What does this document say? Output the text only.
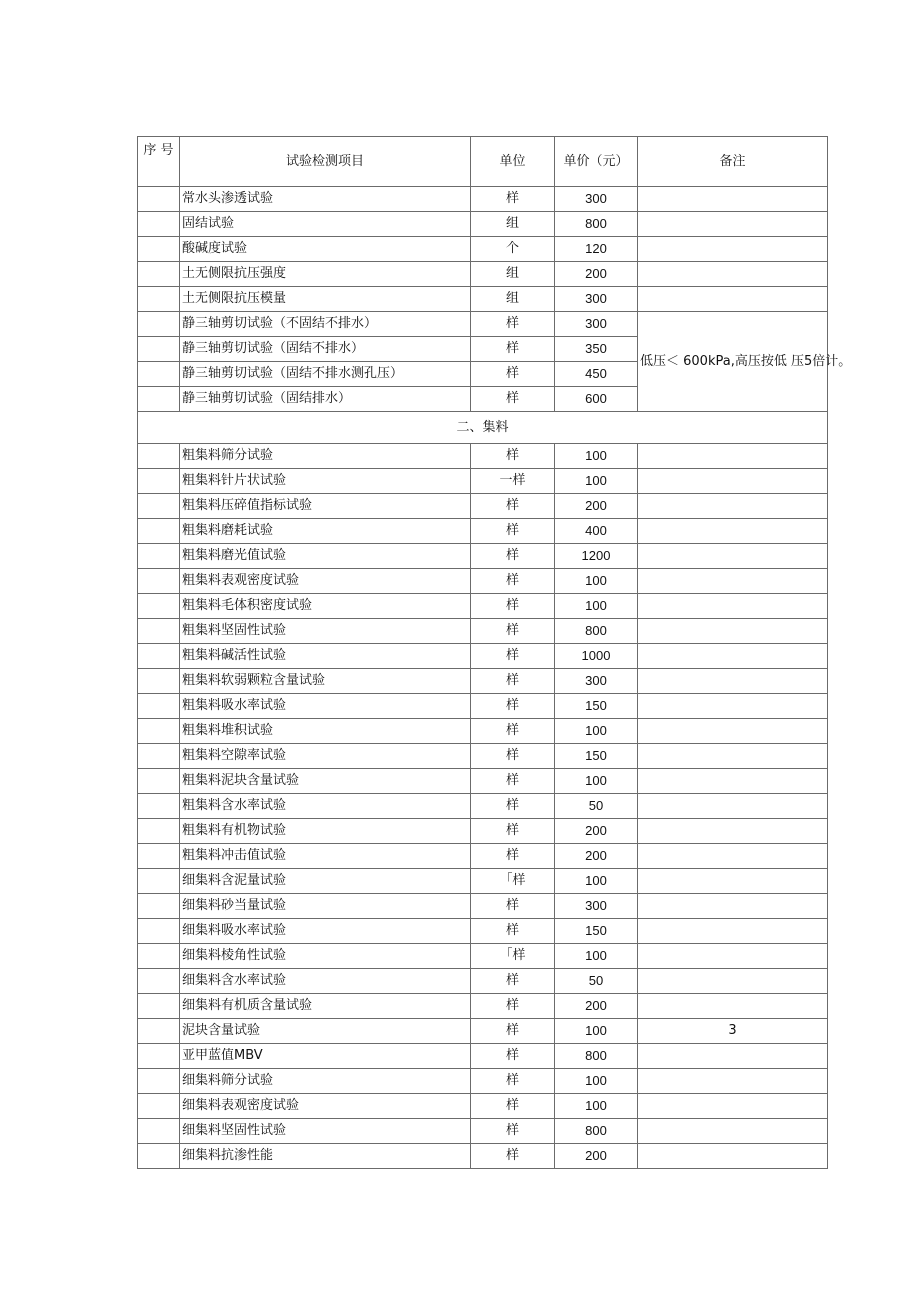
序 号	试验检测项目	单位	单价（元）	备注
	常水头渗透试验	样	300	
	固结试验	组	800	
	酸碱度试验	个	120	
	土无侧限抗压强度	组	200	
	土无侧限抗压模量	组	300	
	静三轴剪切试验（不固结不排水）	样	300	低压＜ 600kPa,高压按低 压5倍计。
	静三轴剪切试验（固结不排水）	样	350	
	静三轴剪切试验（固结不排水测孔压）	样	450	
	静三轴剪切试验（固结排水）	样	600	
二、集料				
	粗集料筛分试验	样	100	
	粗集料针片状试验	一样	100	
	粗集料压碎值指标试验	样	200	
	粗集料磨耗试验	样	400	
	粗集料磨光值试验	样	1200	
	粗集料表观密度试验	样	100	
	粗集料毛体积密度试验	样	100	
	粗集料坚固性试验	样	800	
	粗集料碱活性试验	样	1000	
	粗集料软弱颗粒含量试验	样	300	
	粗集料吸水率试验	样	150	
	粗集料堆积试验	样	100	
	粗集料空隙率试验	样	150	
	粗集料泥块含量试验	样	100	
	粗集料含水率试验	样	50	
	粗集料有机物试验	样	200	
	粗集料冲击值试验	样	200	
	细集料含泥量试验	「样	100	
	细集料砂当量试验	样	300	
	细集料吸水率试验	样	150	
	细集料棱角性试验	「样	100	
	细集料含水率试验	样	50	
	细集料有机质含量试验	样	200	
	泥块含量试验	样	100	3
	亚甲蓝值MBV	样	800	
	细集料筛分试验	样	100	
	细集料表观密度试验	样	100	
	细集料坚固性试验	样	800	
	细集料抗渗性能	样	200	
